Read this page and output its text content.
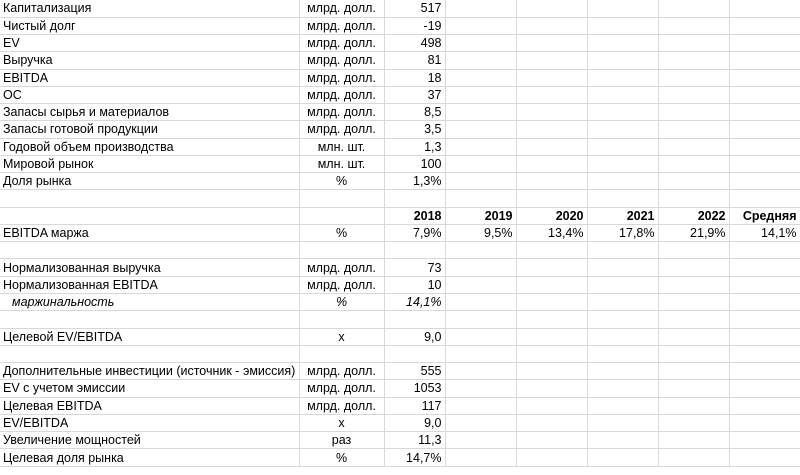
Капитализация	млрд. долл.	517					
Чистый долг	млрд. долл.	-19					
EV	млрд. долл.	498					
Выручка	млрд. долл.	81					
EBITDA	млрд. долл.	18					
ОС	млрд. долл.	37					
Запасы сырья и материалов	млрд. долл.	8,5					
Запасы готовой продукции	млрд. долл.	3,5					
Годовой объем производства	млн. шт.	1,3					
Мировой рынок	млн. шт.	100					
Доля рынка	%	1,3%					

		2018	2019	2020	2021	2022	Средняя
EBITDA маржа	%	7,9%	9,5%	13,4%	17,8%	21,9%	14,1%

Нормализованная выручка	млрд. долл.	73					
Нормализованная EBITDA	млрд. долл.	10					
маржинальность	%	14,1%					

Целевой EV/EBITDA	x	9,0					

Дополнительные инвестиции (источник - эмиссия)	млрд. долл.	555					
EV с учетом эмиссии	млрд. долл.	1053					
Целевая EBITDA	млрд. долл.	117					
EV/EBITDA	x	9,0					
Увеличение мощностей	раз	11,3					
Целевая доля рынка	%	14,7%					
